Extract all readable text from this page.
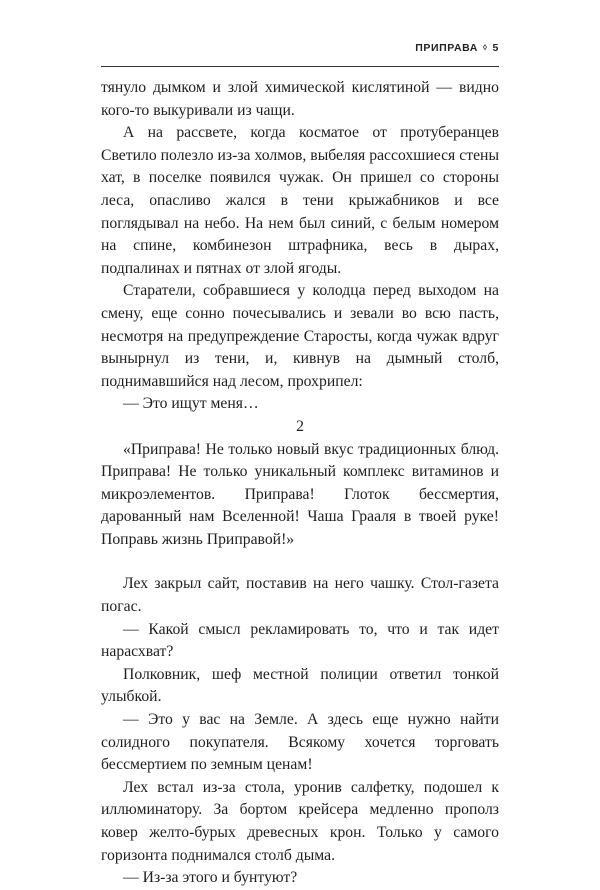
ПРИПРАВА ◊ 5

тянуло дымком и злой химической кислятиной — видно кого-то выкуривали из чащи.

А на рассвете, когда косматое от протуберанцев Светило полезло из-за холмов, выбеляя рассохшиеся стены хат, в поселке появился чужак. Он пришел со стороны леса, опасливо жался в тени крыжабников и все поглядывал на небо. На нем был синий, с белым номером на спине, комбинезон штрафника, весь в дырах, подпалинах и пятнах от злой ягоды.

Старатели, собравшиеся у колодца перед выходом на смену, еще сонно почесывались и зевали во всю пасть, несмотря на предупреждение Старосты, когда чужак вдруг вынырнул из тени, и, кивнув на дымный столб, поднимавшийся над лесом, прохрипел:

— Это ищут меня…

2

«Приправа! Не только новый вкус традиционных блюд. Приправа! Не только уникальный комплекс витаминов и микроэлементов. Приправа! Глоток бессмертия, дарованный нам Вселенной! Чаша Грааля в твоей руке! Поправь жизнь Приправой!»

Лех закрыл сайт, поставив на него чашку. Стол-газета погас.

— Какой смысл рекламировать то, что и так идет нарасхват?

Полковник, шеф местной полиции ответил тонкой улыбкой.

— Это у вас на Земле. А здесь еще нужно найти солидного покупателя. Всякому хочется торговать бессмертием по земным ценам!

Лех встал из-за стола, уронив салфетку, подошел к иллюминатору. За бортом крейсера медленно прополз ковер желто-бурых древесных крон. Только у самого горизонта поднимался столб дыма.

— Из-за этого и бунтуют?
